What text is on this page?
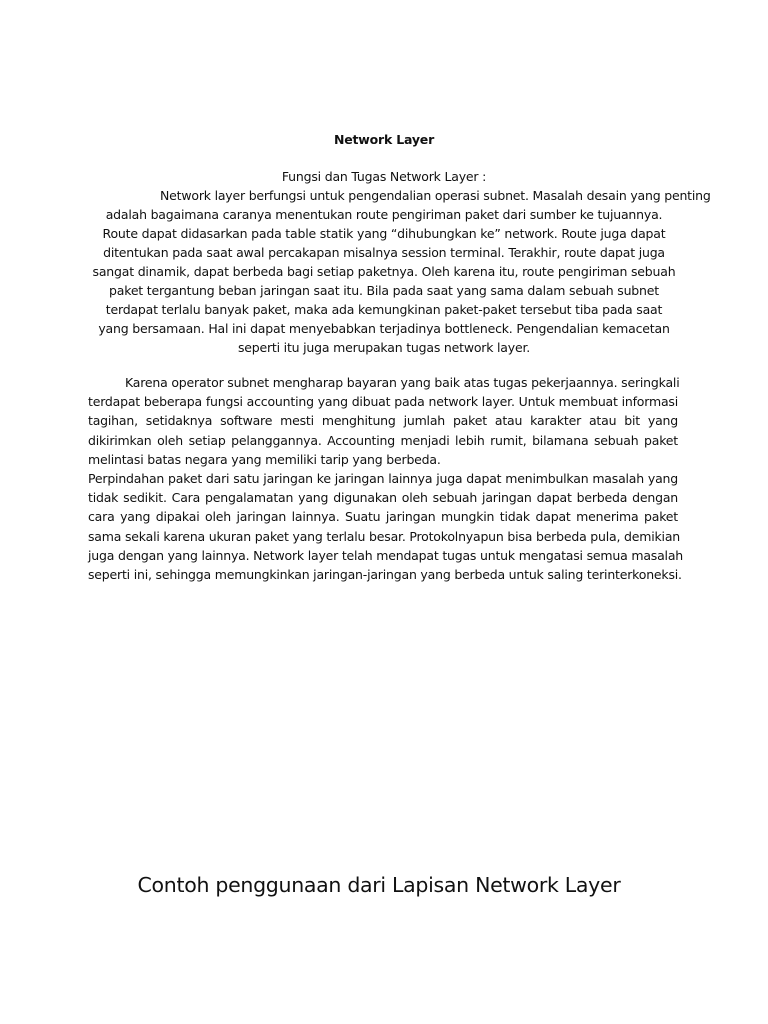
Network Layer
Fungsi dan Tugas Network Layer :
Network layer berfungsi untuk pengendalian operasi subnet. Masalah desain yang penting
adalah bagaimana caranya menentukan route pengiriman paket dari sumber ke tujuannya.
Route dapat didasarkan pada table statik yang “dihubungkan ke” network. Route juga dapat
ditentukan pada saat awal percakapan misalnya session terminal. Terakhir, route dapat juga
sangat dinamik, dapat berbeda bagi setiap paketnya. Oleh karena itu, route pengiriman sebuah
paket tergantung beban jaringan saat itu. Bila pada saat yang sama dalam sebuah subnet
terdapat terlalu banyak paket, maka ada kemungkinan paket-paket tersebut tiba pada saat
yang bersamaan. Hal ini dapat menyebabkan terjadinya bottleneck. Pengendalian kemacetan
seperti itu juga merupakan tugas network layer.
Karena operator subnet mengharap bayaran yang baik atas tugas pekerjaannya. seringkali
terdapat beberapa fungsi accounting yang dibuat pada network layer. Untuk membuat informasi
tagihan, setidaknya software mesti menghitung jumlah paket atau karakter atau bit yang
dikirimkan oleh setiap pelanggannya. Accounting menjadi lebih rumit, bilamana sebuah paket
melintasi batas negara yang memiliki tarip yang berbeda.
Perpindahan paket dari satu jaringan ke jaringan lainnya juga dapat menimbulkan masalah yang
tidak sedikit. Cara pengalamatan yang digunakan oleh sebuah jaringan dapat berbeda dengan
cara yang dipakai oleh jaringan lainnya. Suatu jaringan mungkin tidak dapat menerima paket
sama sekali karena ukuran paket yang terlalu besar. Protokolnyapun bisa berbeda pula, demikian
juga dengan yang lainnya. Network layer telah mendapat tugas untuk mengatasi semua masalah
seperti ini, sehingga memungkinkan jaringan-jaringan yang berbeda untuk saling terinterkoneksi.
Contoh penggunaan dari Lapisan Network Layer
